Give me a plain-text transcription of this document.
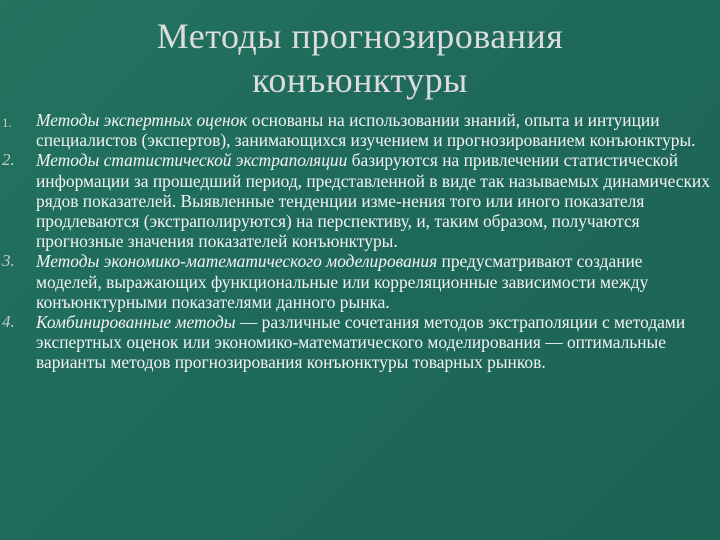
Методы прогнозирования
конъюнктуры
1.	Методы экспертных оценок основаны на использовании знаний, опыта и интуиции специалистов (экспертов), занимающихся изучением и прогнозированием конъюнктуры.
2.	Методы статистической экстраполяции базируются на привлечении статистической информации за прошедший период, представленной в виде так называемых динамических рядов показателей. Выявленные тенденции изме-нения того или иного показателя продлеваются (экстраполируются) на перспективу, и, таким образом, получаются прогнозные значения показателей конъюнктуры.
3.	Методы экономико-математического моделирования предусматривают создание моделей, выражающих функциональные или корреляционные зависимости между конъюнктурными показателями данного рынка.
4.	Комбинированные методы — различные сочетания методов экстраполяции с методами экспертных оценок или экономико-математического моделирования — оптимальные варианты методов прогнозирования конъюнктуры товарных рынков.
